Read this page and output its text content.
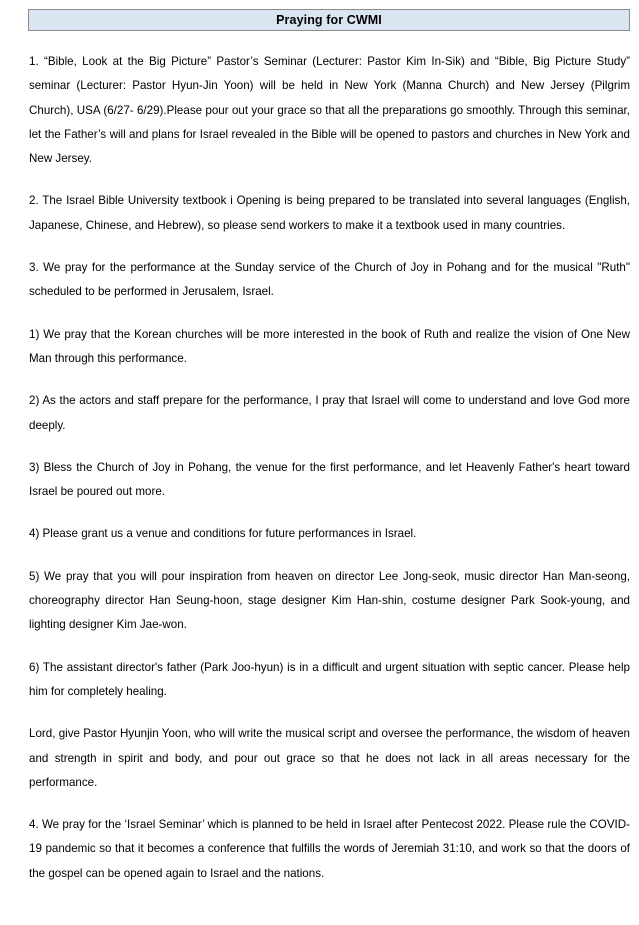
Praying for CWMI

1. “Bible, Look at the Big Picture” Pastor’s Seminar (Lecturer: Pastor Kim In-Sik) and “Bible, Big Picture Study” seminar (Lecturer: Pastor Hyun-Jin Yoon) will be held in New York (Manna Church) and New Jersey (Pilgrim Church), USA (6/27- 6/29).Please pour out your grace so that all the preparations go smoothly. Through this seminar, let the Father’s will and plans for Israel revealed in the Bible will be opened to pastors and churches in New York and New Jersey.

2. The Israel Bible University textbook i Opening is being prepared to be translated into several languages (English, Japanese, Chinese, and Hebrew), so please send workers to make it a textbook used in many countries.

3. We pray for the performance at the Sunday service of the Church of Joy in Pohang and for the musical "Ruth" scheduled to be performed in Jerusalem, Israel.

1) We pray that the Korean churches will be more interested in the book of Ruth and realize the vision of One New Man through this performance.

2) As the actors and staff prepare for the performance, I pray that Israel will come to understand and love God more deeply.

3) Bless the Church of Joy in Pohang, the venue for the first performance, and let Heavenly Father's heart toward Israel be poured out more.

4) Please grant us a venue and conditions for future performances in Israel.

5) We pray that you will pour inspiration from heaven on director Lee Jong-seok, music director Han Man-seong, choreography director Han Seung-hoon, stage designer Kim Han-shin, costume designer Park Sook-young, and lighting designer Kim Jae-won.

6) The assistant director's father (Park Joo-hyun) is in a difficult and urgent situation with septic cancer. Please help him for completely healing.

Lord, give Pastor Hyunjin Yoon, who will write the musical script and oversee the performance, the wisdom of heaven and strength in spirit and body, and pour out grace so that he does not lack in all areas necessary for the performance.

4. We pray for the ‘Israel Seminar’ which is planned to be held in Israel after Pentecost 2022. Please rule the COVID-19 pandemic so that it becomes a conference that fulfills the words of Jeremiah 31:10, and work so that the doors of the gospel can be opened again to Israel and the nations.
